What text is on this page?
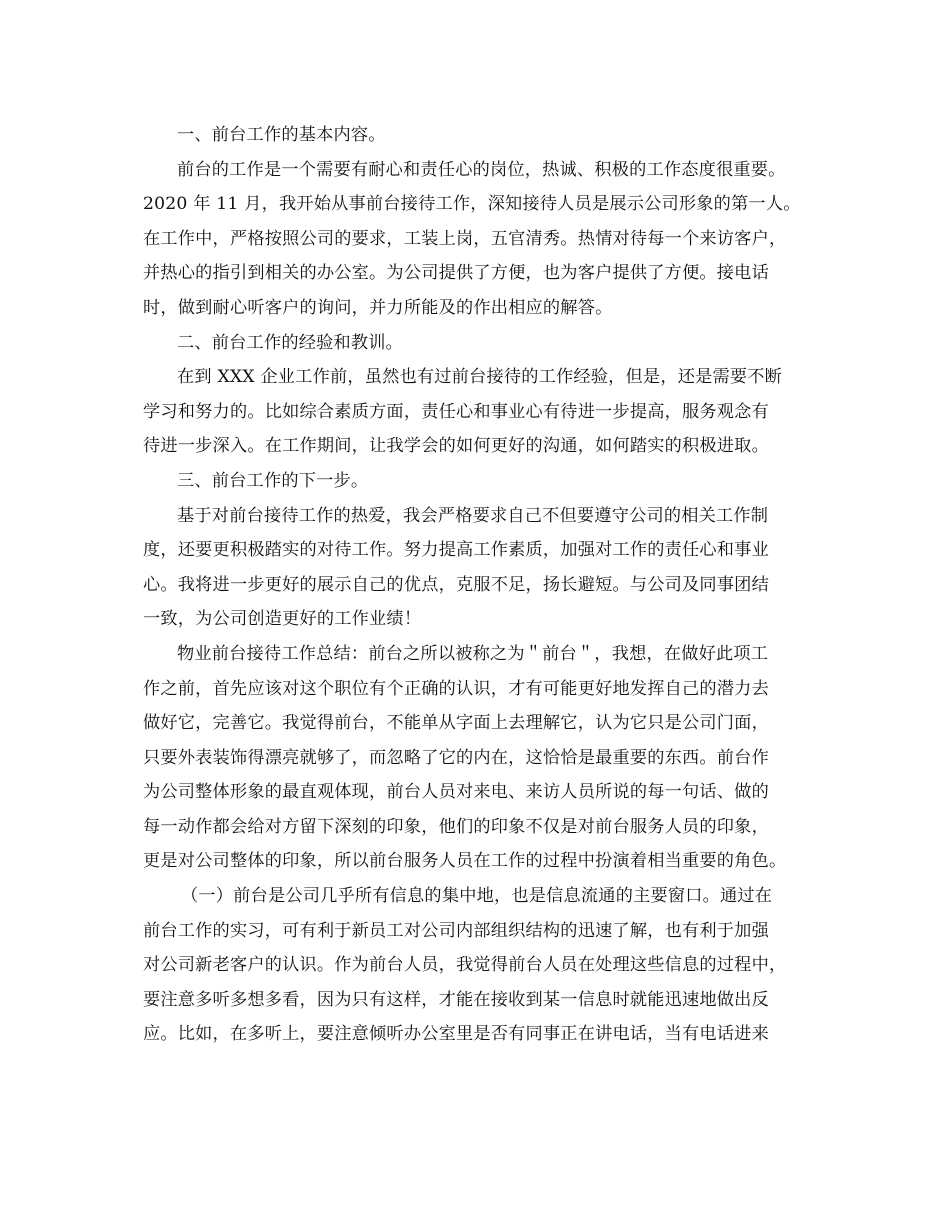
一、前台工作的基本内容。
前台的工作是一个需要有耐心和责任心的岗位，热诚、积极的工作态度很重要。
2020 年 11 月，我开始从事前台接待工作，深知接待人员是展示公司形象的第一人。
在工作中，严格按照公司的要求，工装上岗，五官清秀。热情对待每一个来访客户，
并热心的指引到相关的办公室。为公司提供了方便，也为客户提供了方便。接电话
时，做到耐心听客户的询问，并力所能及的作出相应的解答。
二、前台工作的经验和教训。
在到 XXX 企业工作前，虽然也有过前台接待的工作经验，但是，还是需要不断
学习和努力的。比如综合素质方面，责任心和事业心有待进一步提高，服务观念有
待进一步深入。在工作期间，让我学会的如何更好的沟通，如何踏实的积极进取。
三、前台工作的下一步。
基于对前台接待工作的热爱，我会严格要求自己不但要遵守公司的相关工作制
度，还要更积极踏实的对待工作。努力提高工作素质，加强对工作的责任心和事业
心。我将进一步更好的展示自己的优点，克服不足，扬长避短。与公司及同事团结
一致，为公司创造更好的工作业绩！
物业前台接待工作总结：前台之所以被称之为＂前台＂，我想，在做好此项工
作之前，首先应该对这个职位有个正确的认识，才有可能更好地发挥自己的潜力去
做好它，完善它。我觉得前台，不能单从字面上去理解它，认为它只是公司门面，
只要外表装饰得漂亮就够了，而忽略了它的内在，这恰恰是最重要的东西。前台作
为公司整体形象的最直观体现，前台人员对来电、来访人员所说的每一句话、做的
每一动作都会给对方留下深刻的印象，他们的印象不仅是对前台服务人员的印象，
更是对公司整体的印象，所以前台服务人员在工作的过程中扮演着相当重要的角色。
（一）前台是公司几乎所有信息的集中地，也是信息流通的主要窗口。通过在
前台工作的实习，可有利于新员工对公司内部组织结构的迅速了解，也有利于加强
对公司新老客户的认识。作为前台人员，我觉得前台人员在处理这些信息的过程中，
要注意多听多想多看，因为只有这样，才能在接收到某一信息时就能迅速地做出反
应。比如，在多听上，要注意倾听办公室里是否有同事正在讲电话，当有电话进来
